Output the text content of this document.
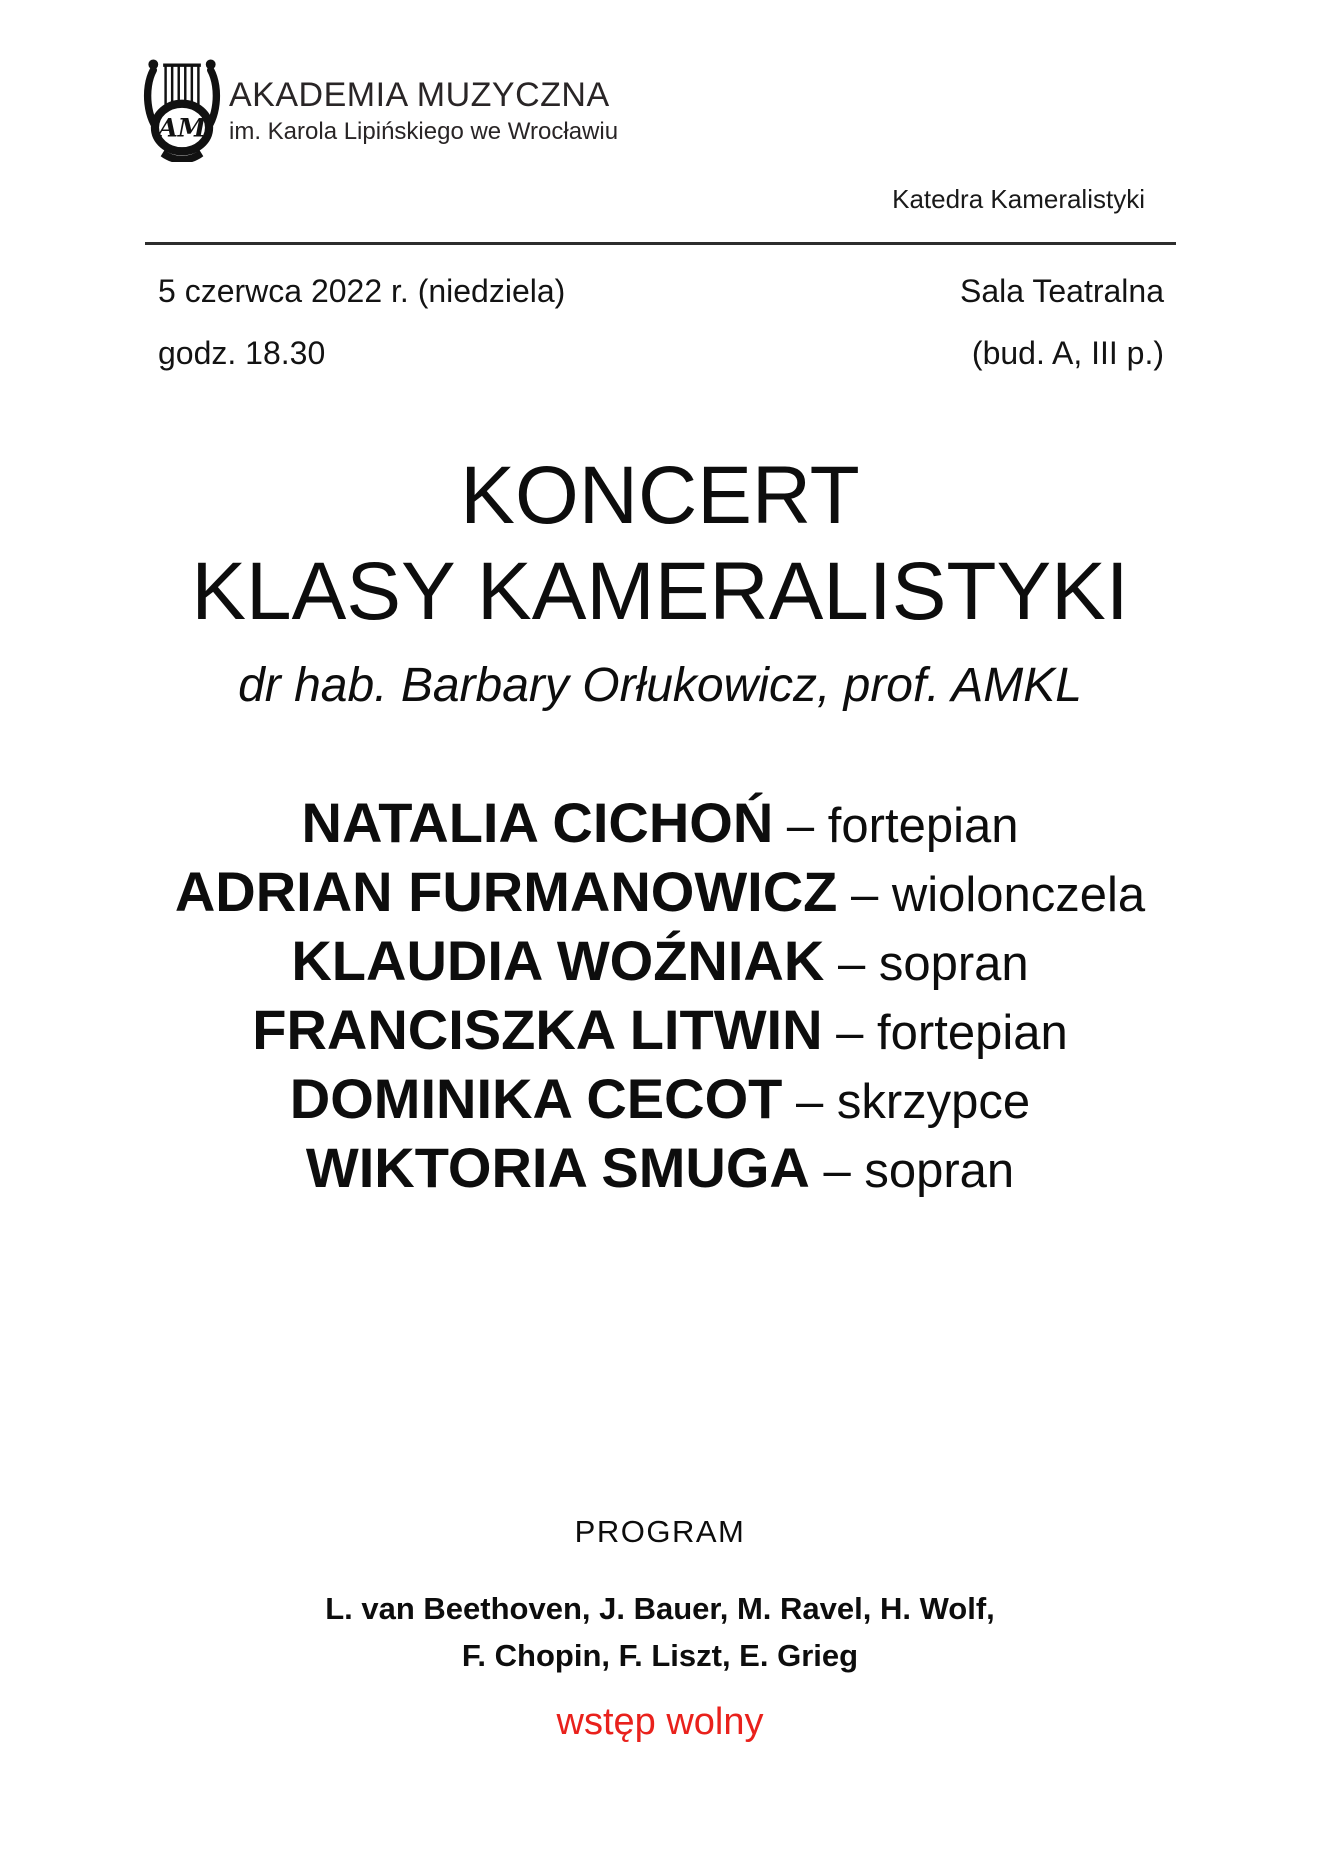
AM
AKADEMIA MUZYCZNA
im. Karola Lipińskiego we Wrocławiu
Katedra Kameralistyki
5 czerwca 2022 r. (niedziela)	Sala Teatralna
godz. 18.30	(bud. A, III p.)
KONCERT
KLASY KAMERALISTYKI
dr hab. Barbary Orłukowicz, prof. AMKL
NATALIA CICHOŃ – fortepian
ADRIAN FURMANOWICZ – wiolonczela
KLAUDIA WOŹNIAK – sopran
FRANCISZKA LITWIN – fortepian
DOMINIKA CECOT – skrzypce
WIKTORIA SMUGA – sopran
PROGRAM
L. van Beethoven, J. Bauer, M. Ravel, H. Wolf,
F. Chopin, F. Liszt, E. Grieg
wstęp wolny
